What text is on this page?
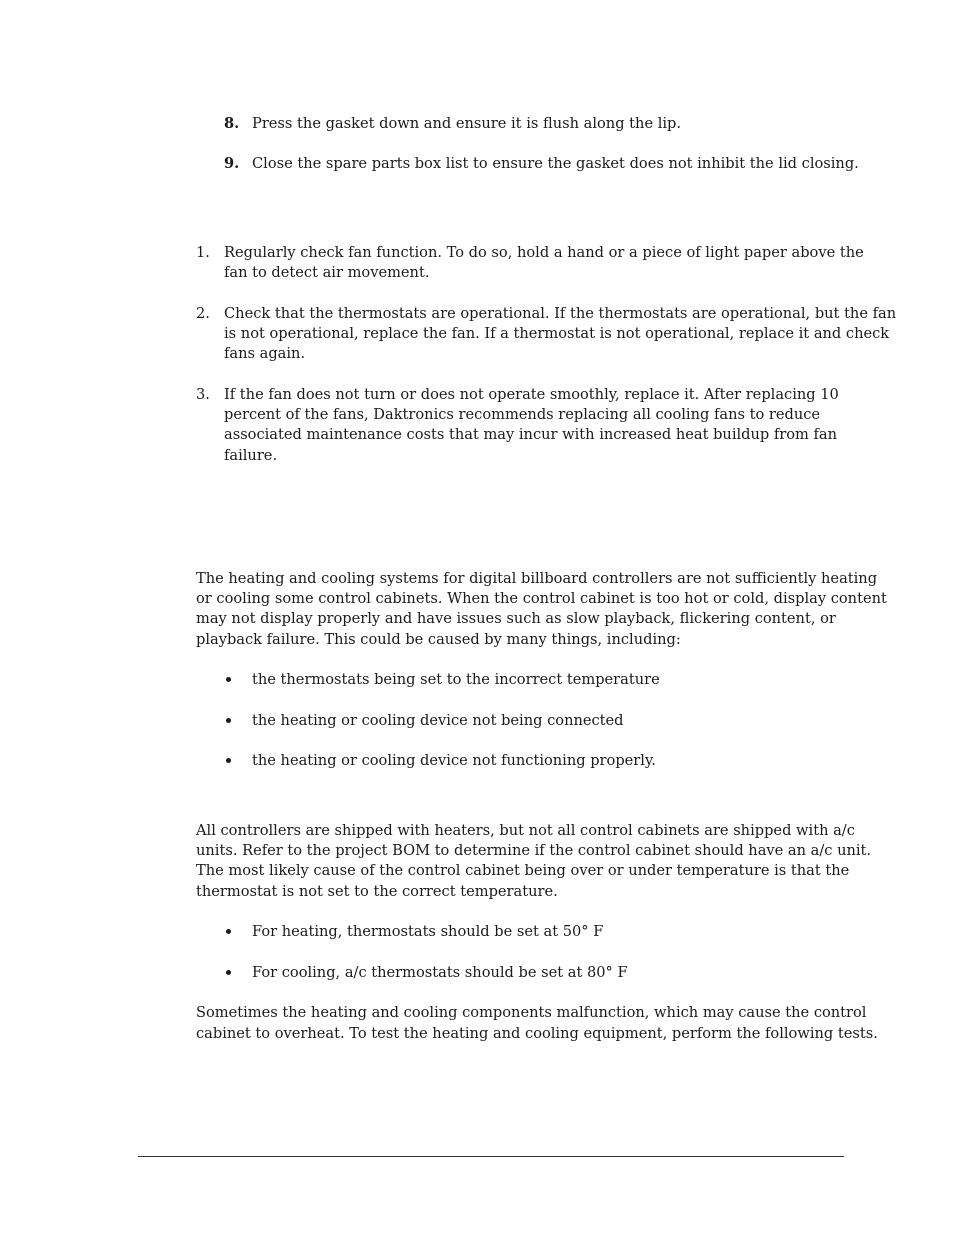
8. Press the gasket down and ensure it is flush along the lip.
9. Close the spare parts box list to ensure the gasket does not inhibit the lid closing.
1. Regularly check fan function. To do so, hold a hand or a piece of light paper above the
fan to detect air movement.
2. Check that the thermostats are operational. If the thermostats are operational, but the fan
is not operational, replace the fan. If a thermostat is not operational, replace it and check
fans again.
3. If the fan does not turn or does not operate smoothly, replace it. After replacing 10
percent of the fans, Daktronics recommends replacing all cooling fans to reduce
associated maintenance costs that may incur with increased heat buildup from fan
failure.
The heating and cooling systems for digital billboard controllers are not sufficiently heating
or cooling some control cabinets. When the control cabinet is too hot or cold, display content
may not display properly and have issues such as slow playback, flickering content, or
playback failure. This could be caused by many things, including:
the thermostats being set to the incorrect temperature
the heating or cooling device not being connected
the heating or cooling device not functioning properly.
All controllers are shipped with heaters, but not all control cabinets are shipped with a/c
units. Refer to the project BOM to determine if the control cabinet should have an a/c unit.
The most likely cause of the control cabinet being over or under temperature is that the
thermostat is not set to the correct temperature.
For heating, thermostats should be set at 50° F
For cooling, a/c thermostats should be set at 80° F
Sometimes the heating and cooling components malfunction, which may cause the control
cabinet to overheat. To test the heating and cooling equipment, perform the following tests.
